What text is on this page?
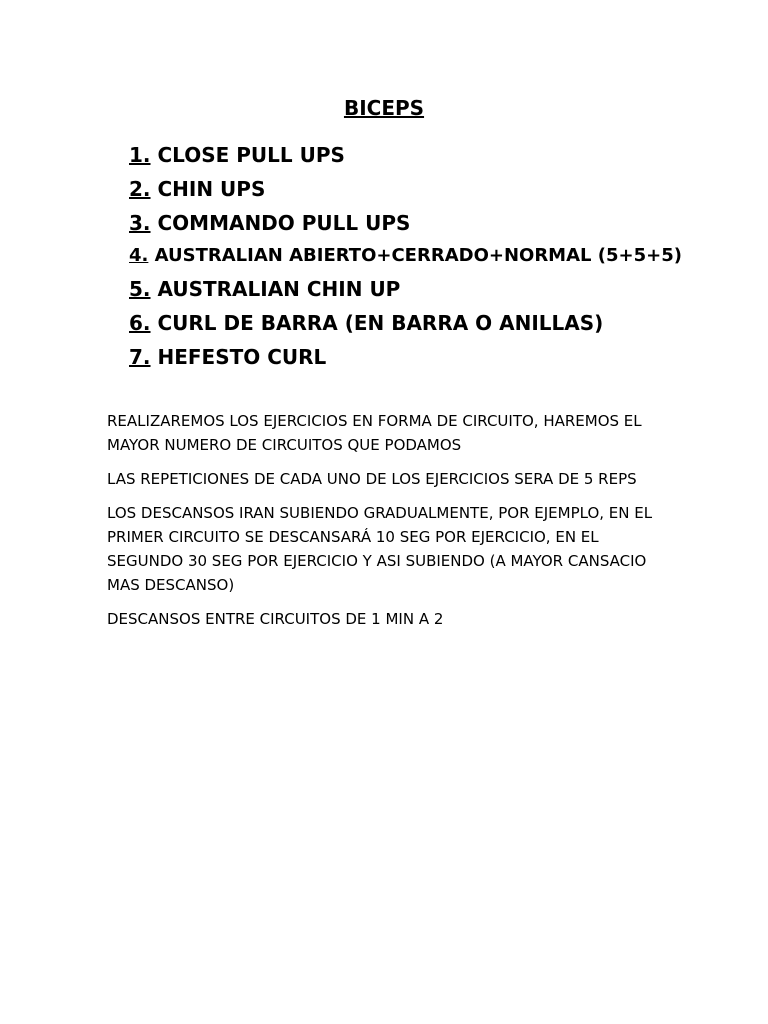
BICEPS
1. CLOSE PULL UPS
2. CHIN UPS
3. COMMANDO PULL UPS
4. AUSTRALIAN ABIERTO+CERRADO+NORMAL (5+5+5)
5. AUSTRALIAN CHIN UP
6. CURL DE BARRA (EN BARRA O ANILLAS)
7. HEFESTO CURL

REALIZAREMOS LOS EJERCICIOS EN FORMA DE CIRCUITO, HAREMOS EL MAYOR NUMERO DE CIRCUITOS QUE PODAMOS

LAS REPETICIONES DE CADA UNO DE LOS EJERCICIOS SERA DE 5 REPS

LOS DESCANSOS IRAN SUBIENDO GRADUALMENTE, POR EJEMPLO, EN EL PRIMER CIRCUITO SE DESCANSARÁ 10 SEG POR EJERCICIO, EN EL SEGUNDO 30 SEG POR EJERCICIO Y ASI SUBIENDO (A MAYOR CANSACIO MAS DESCANSO)

DESCANSOS ENTRE CIRCUITOS DE 1 MIN A 2
